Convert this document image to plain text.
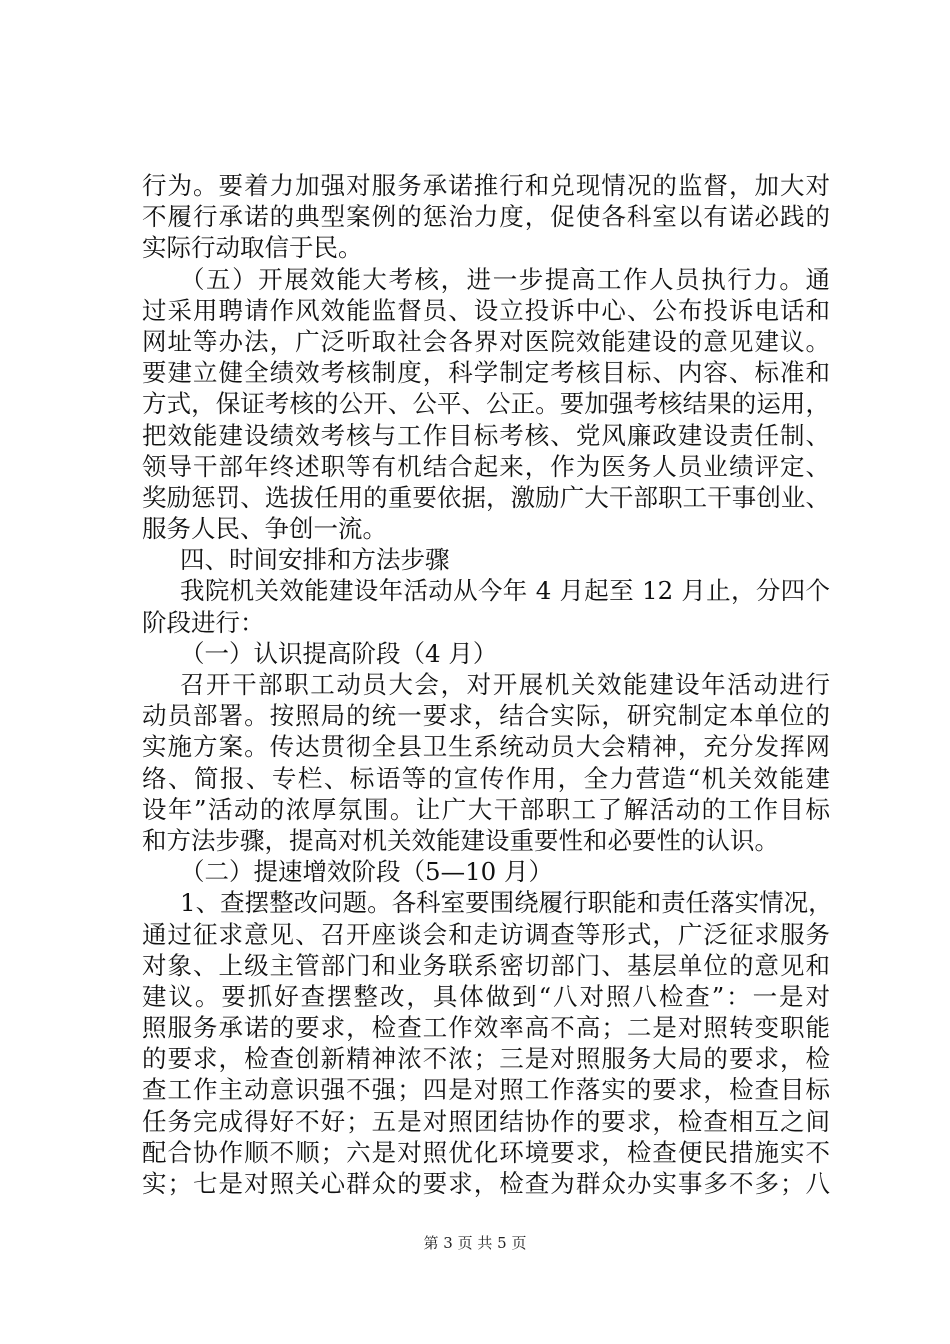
行为。要着力加强对服务承诺推行和兑现情况的监督，加大对
不履行承诺的典型案例的惩治力度，促使各科室以有诺必践的
实际行动取信于民。
（五）开展效能大考核，进一步提高工作人员执行力。通
过采用聘请作风效能监督员、设立投诉中心、公布投诉电话和
网址等办法，广泛听取社会各界对医院效能建设的意见建议。
要建立健全绩效考核制度，科学制定考核目标、内容、标准和
方式，保证考核的公开、公平、公正。要加强考核结果的运用，
把效能建设绩效考核与工作目标考核、党风廉政建设责任制、
领导干部年终述职等有机结合起来，作为医务人员业绩评定、
奖励惩罚、选拔任用的重要依据，激励广大干部职工干事创业、
服务人民、争创一流。
四、时间安排和方法步骤
我院机关效能建设年活动从今年 4 月起至 12 月止，分四个
阶段进行：
（一）认识提高阶段（4 月）
召开干部职工动员大会，对开展机关效能建设年活动进行
动员部署。按照局的统一要求，结合实际，研究制定本单位的
实施方案。传达贯彻全县卫生系统动员大会精神，充分发挥网
络、简报、专栏、标语等的宣传作用，全力营造“机关效能建
设年”活动的浓厚氛围。让广大干部职工了解活动的工作目标
和方法步骤，提高对机关效能建设重要性和必要性的认识。
（二）提速增效阶段（5—10 月）
1、查摆整改问题。各科室要围绕履行职能和责任落实情况，
通过征求意见、召开座谈会和走访调查等形式，广泛征求服务
对象、上级主管部门和业务联系密切部门、基层单位的意见和
建议。要抓好查摆整改，具体做到“八对照八检查”：一是对
照服务承诺的要求，检查工作效率高不高；二是对照转变职能
的要求，检查创新精神浓不浓；三是对照服务大局的要求，检
查工作主动意识强不强；四是对照工作落实的要求，检查目标
任务完成得好不好；五是对照团结协作的要求，检查相互之间
配合协作顺不顺；六是对照优化环境要求，检查便民措施实不
实；七是对照关心群众的要求，检查为群众办实事多不多；八
第 3 页 共 5 页
